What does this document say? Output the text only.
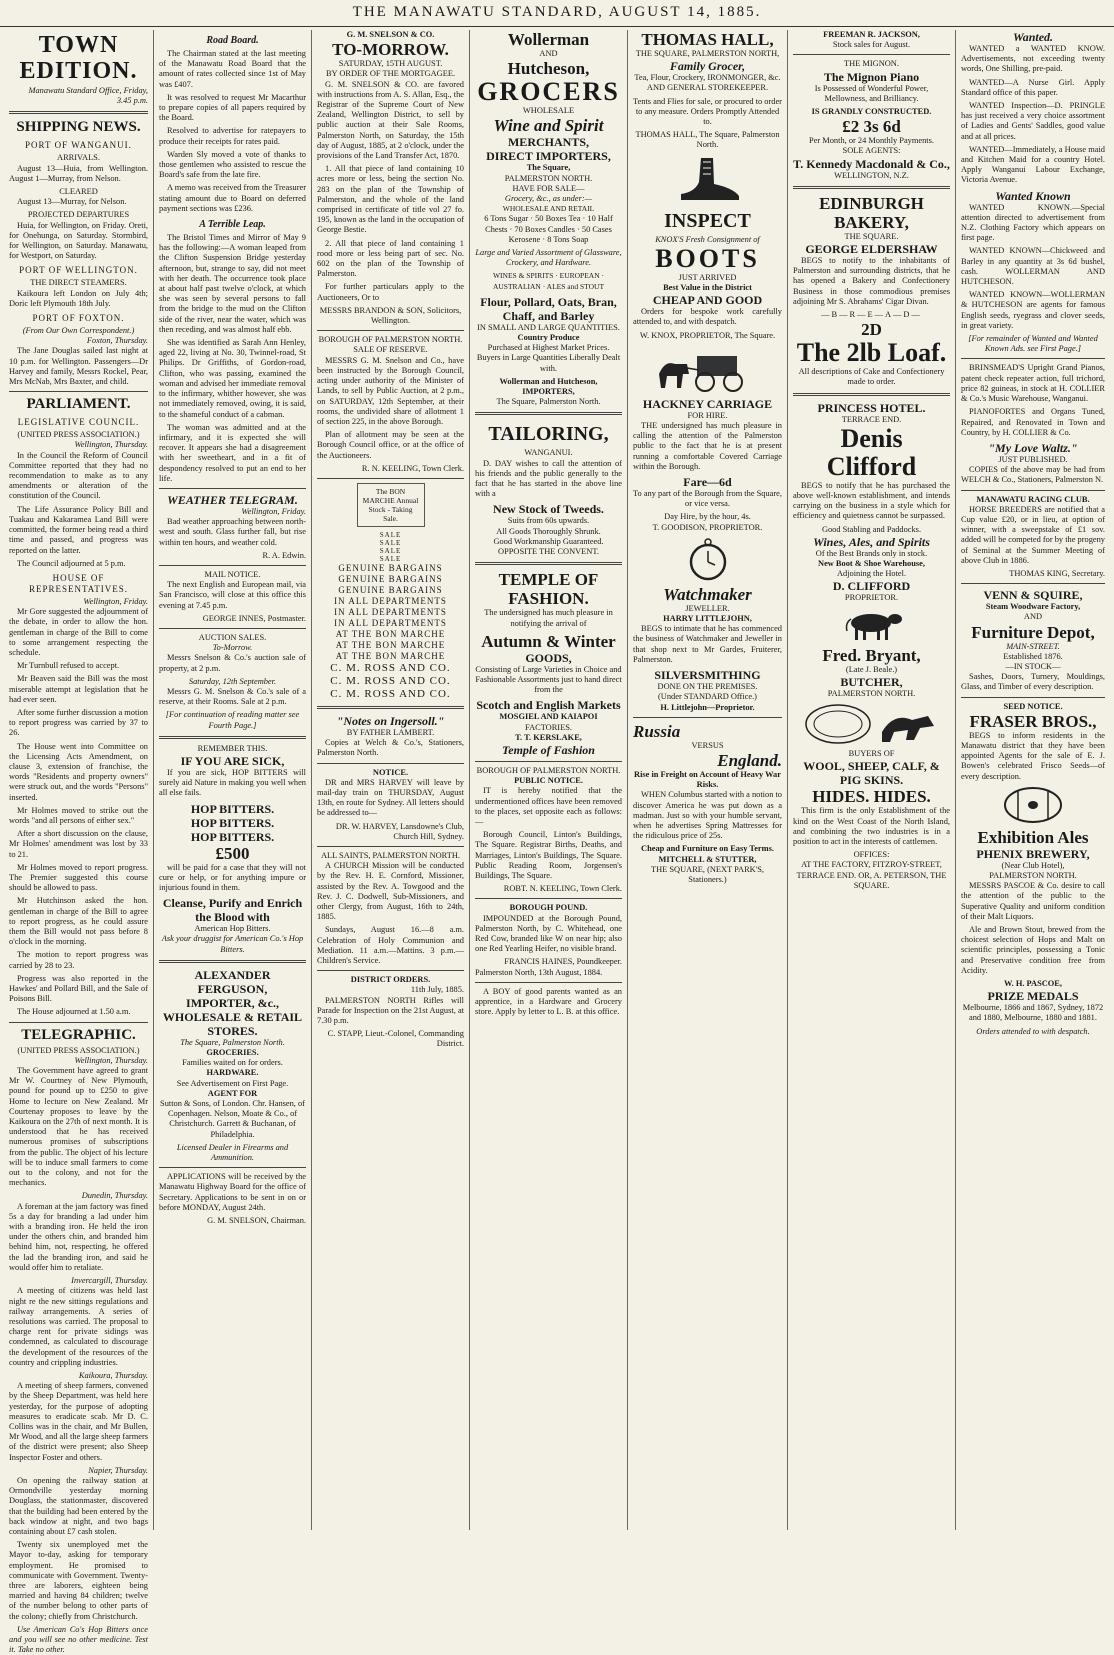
THE MANAWATU STANDARD, AUGUST 14, 1885.
TOWN EDITION.

Manawatu Standard Office, Friday, 3.45 p.m.

SHIPPING NEWS.
PORT OF WANGANUI.
ARRIVALS.

August 13—Huia, from Wellington. August 1—Murray, from Nelson.

CLEARED

August 13—Murray, for Nelson.

PROJECTED DEPARTURES

Huia, for Wellington, on Friday. Oreti, for Onehunga, on Saturday. Stormbird, for Wellington, on Saturday. Manawatu, for Westport, on Saturday.

PORT OF WELLINGTON.
THE DIRECT STEAMERS.

Kaikoura left London on July 4th; Doric left Plymouth 18th July.

PORT OF FOXTON.
(From Our Own Correspondent.)
Foxton, Thursday.

The Jane Douglas sailed last night at 10 p.m. for Wellington. Passengers—Dr Harvey and family, Messrs Rockel, Pear, Mrs McNab, Mrs Baxter, and child.

PARLIAMENT.
LEGISLATIVE COUNCIL.
(UNITED PRESS ASSOCIATION.)
Wellington, Thursday.

In the Council the Reform of Council Committee reported that they had no recommendation to make as to any amendments or alteration of the constitution of the Council.

The Life Assurance Policy Bill and Tuakau and Kakaramea Land Bill were committed, the former being read a third time and passed, and progress was reported on the latter.

The Council adjourned at 5 p.m.

HOUSE OF REPRESENTATIVES.
Wellington, Friday.

Mr Gore suggested the adjournment of the debate, in order to allow the hon. gentleman in charge of the Bill to come to some arrangement respecting the schedule.

Mr Turnbull refused to accept.

Mr Beaven said the Bill was the most miserable attempt at legislation that he had ever seen.

After some further discussion a motion to report progress was carried by 37 to 26.

The House went into Committee on the Licensing Acts Amendment, on clause 3, extension of franchise, the words "Residents and property owners" were struck out, and the words "Persons" inserted.

Mr Holmes moved to strike out the words "and all persons of either sex."

After a short discussion on the clause, Mr Holmes' amendment was lost by 33 to 21.

Mr Holmes moved to report progress. The Premier suggested this course should be allowed to pass.

Mr Hutchinson asked the hon. gentleman in charge of the Bill to agree to report progress, as he could assure them the Bill would not pass before 8 o'clock in the morning.

The motion to report progress was carried by 28 to 23.

Progress was also reported in the Hawkes' and Pollard Bill, and the Sale of Poisons Bill.

The House adjourned at 1.50 a.m.

TELEGRAPHIC.
(UNITED PRESS ASSOCIATION.)
Wellington, Thursday.

The Government have agreed to grant Mr W. Courtney of New Plymouth, pound for pound up to £250 to give Home to lecture on New Zealand. Mr Courtenay proposes to leave by the Kaikoura on the 27th of next month. It is understood that he has received numerous promises of subscriptions from the public. The object of his lecture will be to induce small farmers to come out to the colony, and not for the mechanics.

Dunedin, Thursday.

A foreman at the jam factory was fined 5s a day for branding a lad under him with a branding iron. He held the iron under the others chin, and branded him behind him, not, respecting, he offered the lad the branding iron, and said he would offer him to retaliate.

Invercargill, Thursday.

A meeting of citizens was held last night re the new sittings regulations and railway arrangements. A series of resolutions was carried. The proposal to charge rent for private sidings was condemned, as calculated to discourage the development of the resources of the country and crippling industries.

Kaikoura, Thursday.

A meeting of sheep farmers, convened by the Sheep Department, was held here yesterday, for the purpose of adopting measures to eradicate scab. Mr D. C. Collins was in the chair, and Mr Bullen, Mr Wood, and all the large sheep farmers of the district were present; also Sheep Inspector Foster and others.

Napier, Thursday.

On opening the railway station at Ormondville yesterday morning Douglass, the stationmaster, discovered that the building had been entered by the back window at night, and two bags containing about £7 cash stolen.

Twenty six unemployed met the Mayor to-day, asking for temporary employment. He promised to communicate with Government. Twenty-three are laborers, eighteen being married and having 84 children; twelve of the number belong to other parts of the colony; chiefly from Christchurch.

Use American Co's Hop Bitters once and you will see no other medicine. Test it. Take no other.

Road Board.

The Chairman stated at the last meeting of the Manawatu Road Board that the amount of rates collected since 1st of May was £407.

It was resolved to request Mr Macarthur to prepare copies of all papers required by the Board.

Resolved to advertise for ratepayers to produce their receipts for rates paid.

Warden Sly moved a vote of thanks to those gentlemen who assisted to rescue the Board's safe from the late fire.

A memo was received from the Treasurer stating amount due to Board on deferred payment sections was £236.

A Terrible Leap.

The Bristol Times and Mirror of May 9 has the following:—A woman leaped from the Clifton Suspension Bridge yesterday afternoon, but, strange to say, did not meet with her death. The occurrence took place at about half past twelve o'clock, at which she was seen by several persons to fall from the bridge to the mud on the Clifton side of the river, near the water, which was then receding, and was almost half ebb.

She was identified as Sarah Ann Henley, aged 22, living at No. 30, Twinnel-road, St Philips. Dr Griffiths, of Gordon-road, Clifton, who was passing, examined the woman and advised her immediate removal to the infirmary, whither however, she was not immediately removed, owing, it is said, to the shameful conduct of a cabman.

The woman was admitted and at the infirmary, and it is expected she will recover. It appears she had a disagreement with her sweetheart, and in a fit of despondency resolved to put an end to her life.

WEATHER TELEGRAM.
Wellington, Friday.

Bad weather approaching between north-west and south. Glass further fall, but rise within ten hours, and weather cold.

R. A. Edwin.
MAIL NOTICE.

The next English and European mail, via San Francisco, will close at this office this evening at 7.45 p.m.

GEORGE INNES, Postmaster.
AUCTION SALES.
To-Morrow.

Messrs Snelson & Co.'s auction sale of property, at 2 p.m.

Saturday, 12th September.

Messrs G. M. Snelson & Co.'s sale of a reserve, at their Rooms. Sale at 2 p.m.

[For continuation of reading matter see Fourth Page.]

REMEMBER THIS.
IF YOU ARE SICK,

If you are sick, HOP BITTERS will surely aid Nature in making you well when all else fails.

HOP BITTERS.
HOP BITTERS.
HOP BITTERS.
£500

will be paid for a case that they will not cure or help, or for anything impure or injurious found in them.

Cleanse, Purify and Enrich the Blood with
American Hop Bitters.

Ask your druggist for American Co.'s Hop Bitters.

ALEXANDER FERGUSON,
IMPORTER, &c.,
WHOLESALE & RETAIL
STORES.
The Square, Palmerston North.
GROCERIES.
Families waited on for orders.
HARDWARE.
See Advertisement on First Page.
AGENT FOR

Sutton & Sons, of London. Chr. Hansen, of Copenhagen. Nelson, Moate & Co., of Christchurch. Garrett & Buchanan, of Philadelphia.

Licensed Dealer in Firearms and Ammunition.

APPLICATIONS will be received by the Manawatu Highway Board for the office of Secretary. Applications to be sent in on or before MONDAY, August 24th.

G. M. SNELSON, Chairman.
G. M. SNELSON & CO.
TO-MORROW.
SATURDAY, 15TH AUGUST.
BY ORDER OF THE MORTGAGEE.

G. M. SNELSON & CO. are favored with instructions from A. S. Allan, Esq., the Registrar of the Supreme Court of New Zealand, Wellington District, to sell by public auction at their Sale Rooms, Palmerston North, on Saturday, the 15th day of August, 1885, at 2 o'clock, under the provisions of the Land Transfer Act, 1870.

1. All that piece of land containing 10 acres more or less, being the section No. 283 on the plan of the Township of Palmerston, and the whole of the land comprised in certificate of title vol 27 fo. 195, known as the land in the occupation of George Bestie.

2. All that piece of land containing 1 rood more or less being part of sec. No. 602 on the plan of the Township of Palmerston.

For further particulars apply to the Auctioneers, Or to

MESSRS BRANDON & SON, Solicitors, Wellington.
BOROUGH OF PALMERSTON NORTH.
SALE OF RESERVE.

MESSRS G. M. Snelson and Co., have been instructed by the Borough Council, acting under authority of the Minister of Lands, to sell by Public Auction, at 2 p.m., on SATURDAY, 12th September, at their rooms, the undivided share of allotment 1 of section 225, in the above Borough.

Plan of allotment may be seen at the Borough Council office, or at the office of the Auctioneers.

R. N. KEELING, Town Clerk.
The BON MARCHE Annual Stock - Taking Sale.
SALE
SALE
SALE
SALE
GENUINE BARGAINS
GENUINE BARGAINS
GENUINE BARGAINS
IN ALL DEPARTMENTS
IN ALL DEPARTMENTS
IN ALL DEPARTMENTS
AT THE BON MARCHE
AT THE BON MARCHE
AT THE BON MARCHE
C. M. ROSS AND CO.
C. M. ROSS AND CO.
C. M. ROSS AND CO.
"Notes on Ingersoll."
BY FATHER LAMBERT.

Copies at Welch & Co.'s, Stationers, Palmerston North.

NOTICE.

DR and MRS HARVEY will leave by mail-day train on THURSDAY, August 13th, en route for Sydney. All letters should be addressed to—

DR. W. HARVEY, Lansdowne's Club, Church Hill, Sydney.
ALL SAINTS, PALMERSTON NORTH.

A CHURCH Mission will be conducted by the Rev. H. E. Cornford, Missioner, assisted by the Rev. A. Towgood and the Rev. J. C. Dodwell, Sub-Missioners, and other Clergy, from August, 16th to 24th, 1885.

Sundays, August 16.—8 a.m. Celebration of Holy Communion and Mediation. 11 a.m.—Mattins. 3 p.m.—Children's Service.

DISTRICT ORDERS.
11th July, 1885.

PALMERSTON NORTH Rifles will Parade for Inspection on the 21st August, at 7.30 p.m.

C. STAPP, Lieut.-Colonel, Commanding District.
Wollerman
AND
Hutcheson,
GROCERS
WHOLESALE
Wine and Spirit
MERCHANTS,
DIRECT IMPORTERS,
The Square,
PALMERSTON NORTH.
HAVE FOR SALE—
Grocery, &c., as under:—
WHOLESALE AND RETAIL

6 Tons Sugar · 50 Boxes Tea · 10 Half Chests · 70 Boxes Candles · 50 Cases Kerosene · 8 Tons Soap

Large and Varied Assortment of Glassware, Crockery, and Hardware.

WINES & SPIRITS · EUROPEAN · AUSTRALIAN · ALES and STOUT

Flour, Pollard, Oats, Bran, Chaff, and Barley
IN SMALL AND LARGE QUANTITIES.
Country Produce
Purchased at Highest Market Prices.

Buyers in Large Quantities Liberally Dealt with.

Wollerman and Hutcheson, IMPORTERS,
The Square, Palmerston North.
TAILORING,
WANGANUI.

D. DAY wishes to call the attention of his friends and the public generally to the fact that he has started in the above line with a

New Stock of Tweeds.
Suits from 60s upwards.
All Goods Thoroughly Shrunk.
Good Workmanship Guaranteed.
OPPOSITE THE CONVENT.
TEMPLE OF FASHION.

The undersigned has much pleasure in notifying the arrival of

Autumn & Winter
GOODS,

Consisting of Large Varieties in Choice and Fashionable Assortments just to hand direct from the

Scotch and English Markets
MOSGIEL AND KAIAPOI
FACTORIES.
T. T. KERSLAKE,
Temple of Fashion
BOROUGH OF PALMERSTON NORTH.
PUBLIC NOTICE.

IT is hereby notified that the undermentioned offices have been removed to the places, set opposite each as follows:—

Borough Council, Linton's Buildings, The Square. Registrar Births, Deaths, and Marriages, Linton's Buildings, The Square. Public Reading Room, Jorgensen's Buildings, The Square.

ROBT. N. KEELING, Town Clerk.
BOROUGH POUND.

IMPOUNDED at the Borough Pound, Palmerston North, by C. Whitehead, one Red Cow, branded like W on near hip; also one Red Yearling Heifer, no visible brand.

FRANCIS HAINES, Poundkeeper.
Palmerston North, 13th August, 1884.

A BOY of good parents wanted as an apprentice, in a Hardware and Grocery store. Apply by letter to L. B. at this office.

THOMAS HALL,
THE SQUARE, PALMERSTON NORTH,
Family Grocer,

Tea, Flour, Crockery, IRONMONGER, &c. AND GENERAL STOREKEEPER.

Tents and Flies for sale, or procured to order to any measure. Orders Promptly Attended to.

THOMAS HALL, The Square, Palmerston North.
INSPECT
KNOX'S Fresh Consignment of
BOOTS
JUST ARRIVED
Best Value in the District
CHEAP AND GOOD

Orders for bespoke work carefully attended to, and with despatch.

W. KNOX, PROPRIETOR, The Square.
HACKNEY CARRIAGE
FOR HIRE.

THE undersigned has much pleasure in calling the attention of the Palmerston public to the fact that he is at present running a comfortable Covered Carriage within the Borough.

Fare—6d

To any part of the Borough from the Square, or vice versa.

Day Hire, by the hour, 4s.
T. GOODISON, PROPRIETOR.
Watchmaker
JEWELLER.
HARRY LITTLEJOHN,

BEGS to intimate that he has commenced the business of Watchmaker and Jeweller in that shop next to Mr Gardes, Fruiterer, Palmerston.

SILVERSMITHING
DONE ON THE PREMISES.
(Under STANDARD Office.)
H. Littlejohn—Proprietor.
Russia
VERSUS
England.
Rise in Freight on Account of Heavy War Risks.

WHEN Columbus started with a notion to discover America he was put down as a madman. Just so with your humble servant, when he advertises Spring Mattresses for the ridiculous price of 25s.

Cheap and Furniture on Easy Terms.
MITCHELL & STUTTER,
THE SQUARE, (NEXT PARK'S, Stationers.)
FREEMAN R. JACKSON,
Stock sales for August.
THE MIGNON.
The Mignon Piano

Is Possessed of Wonderful Power, Mellowness, and Brilliancy.

IS GRANDLY CONSTRUCTED.
£2 3s 6d
Per Month, or 24 Monthly Payments.
SOLE AGENTS:
T. Kennedy Macdonald & Co.,
WELLINGTON, N.Z.
EDINBURGH BAKERY,
THE SQUARE.
GEORGE ELDERSHAW

BEGS to notify to the inhabitants of Palmerston and surrounding districts, that he has opened a Bakery and Confectionery Business in those commodious premises adjoining Mr S. Abrahams' Cigar Divan.

—B—R—E—A—D—
2D
The 2lb Loaf.

All descriptions of Cake and Confectionery made to order.

PRINCESS HOTEL.
TERRACE END.
Denis Clifford

BEGS to notify that he has purchased the above well-known establishment, and intends carrying on the business in a style which for efficiency and quietness cannot be surpassed.

Good Stabling and Paddocks.
Wines, Ales, and Spirits
Of the Best Brands only in stock.
New Boot & Shoe Warehouse,
Adjoining the Hotel.
D. CLIFFORD
PROPRIETOR.
Fred. Bryant,
(Late J. Beale.)
BUTCHER,
PALMERSTON NORTH.
BUYERS OF
WOOL, SHEEP, CALF, &
PIG SKINS.
HIDES. HIDES.

This firm is the only Establishment of the kind on the West Coast of the North Island, and combining the two industries is in a position to act in the interests of cattlemen.

OFFICES:

AT THE FACTORY, FITZROY-STREET, TERRACE END. OR, A. PETERSON, THE SQUARE.

Wanted.

WANTED a WANTED KNOW. Advertisements, not exceeding twenty words, One Shilling, pre-paid.

WANTED—A Nurse Girl. Apply Standard office of this paper.

WANTED Inspection—D. PRINGLE has just received a very choice assortment of Ladies and Gents' Saddles, good value and at all prices.

WANTED—Immediately, a House maid and Kitchen Maid for a country Hotel. Apply Wanganui Labour Exchange, Victoria Avenue.

Wanted Known

WANTED KNOWN.—Special attention directed to advertisement from N.Z. Clothing Factory which appears on first page.

WANTED KNOWN—Chickweed and Barley in any quantity at 3s 6d bushel, cash. WOLLERMAN AND HUTCHESON.

WANTED KNOWN—WOLLERMAN & HUTCHESON are agents for famous English seeds, ryegrass and clover seeds, in great variety.

[For remainder of Wanted and Wanted Known Ads. see First Page.]

BRINSMEAD'S Upright Grand Pianos, patent check repeater action, full trichord, price 82 guineas, in stock at H. COLLIER & Co.'s Music Warehouse, Wanganui.

PIANOFORTES and Organs Tuned, Repaired, and Renovated in Town and Country, by H. COLLIER & Co.

"My Love Waltz."
JUST PUBLISHED.

COPIES of the above may be had from WELCH & Co., Stationers, Palmerston N.

MANAWATU RACING CLUB.

HORSE BREEDERS are notified that a Cup value £20, or in lieu, at option of winner, with a sweepstake of £1 sov. added will be competed for by the progeny of Seminal at the Summer Meeting of above Club in 1886.

THOMAS KING, Secretary.
VENN & SQUIRE,
Steam Woodware Factory,
AND
Furniture Depot,
MAIN-STREET.
Established 1876.
—IN STOCK—

Sashes, Doors, Turnery, Mouldings, Glass, and Timber of every description.

SEED NOTICE.
FRASER BROS.,

BEGS to inform residents in the Manawatu district that they have been appointed Agents for the sale of E. J. Bowen's celebrated Frisco Seeds—of every description.

Exhibition Ales
PHENIX BREWERY,
(Near Club Hotel),
PALMERSTON NORTH.

MESSRS PASCOE & Co. desire to call the attention of the public to the Superative Quality and uniform condition of their Malt Liquors.

Ale and Brown Stout, brewed from the choicest selection of Hops and Malt on scientific principles, possessing a Tonic and Preservative condition free from Acidity.

W. H. PASCOE,
PRIZE MEDALS

Melbourne, 1866 and 1867, Sydney, 1872 and 1880, Melbourne, 1880 and 1881.

Orders attended to with despatch.
